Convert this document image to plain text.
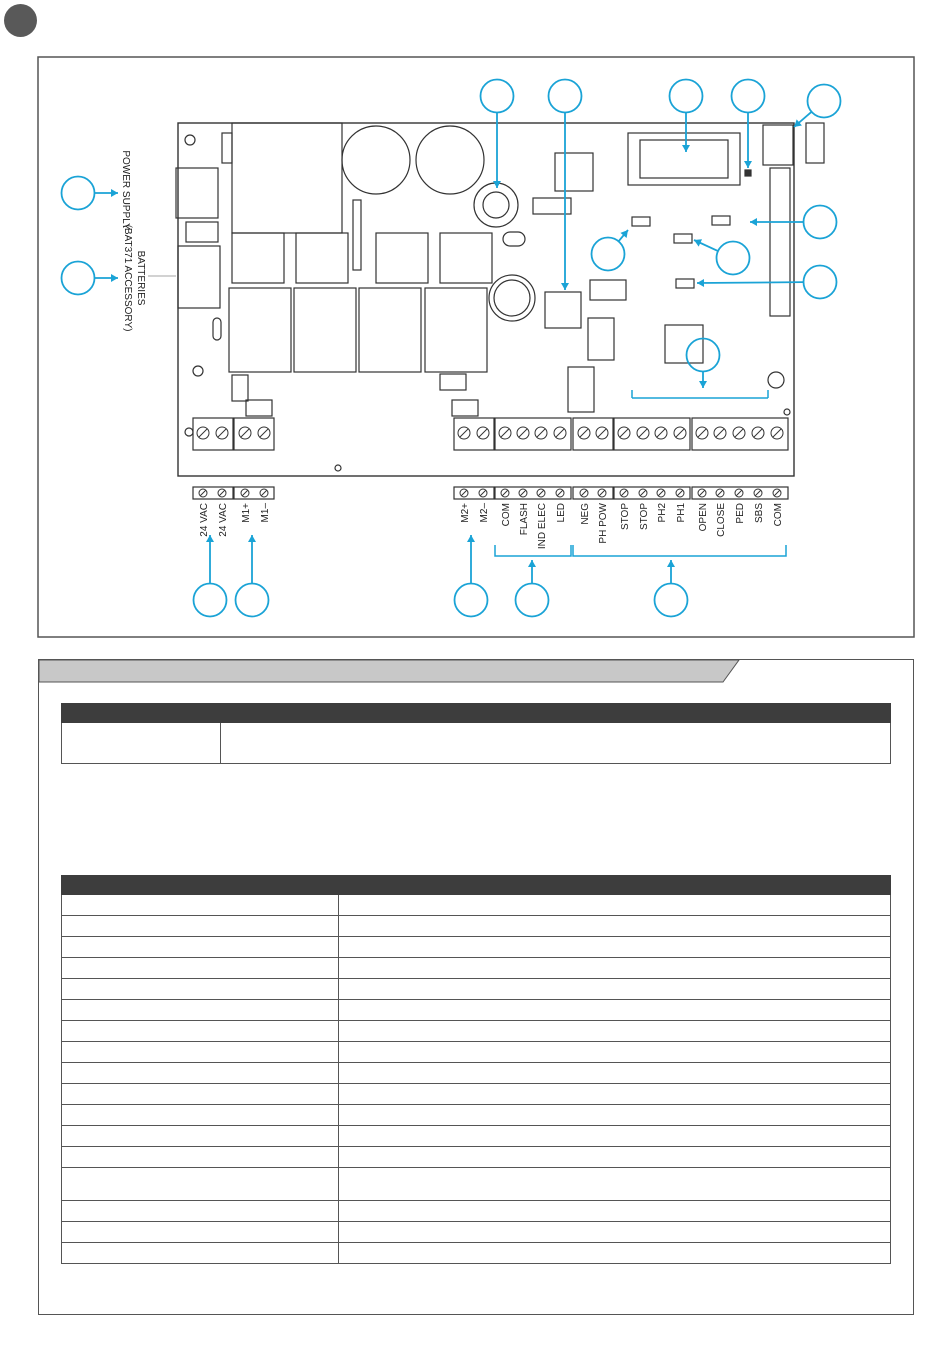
24 VAC 24 VAC M1+ M1–	M2+ M2– COM FLASH IND ELEC LED NEG PH POW STOP STOP PH2 PH1 OPEN CLOSE PED SBS COM
POWER SUPPLY
BATTERIES
(BAT371 ACCESSORY)
